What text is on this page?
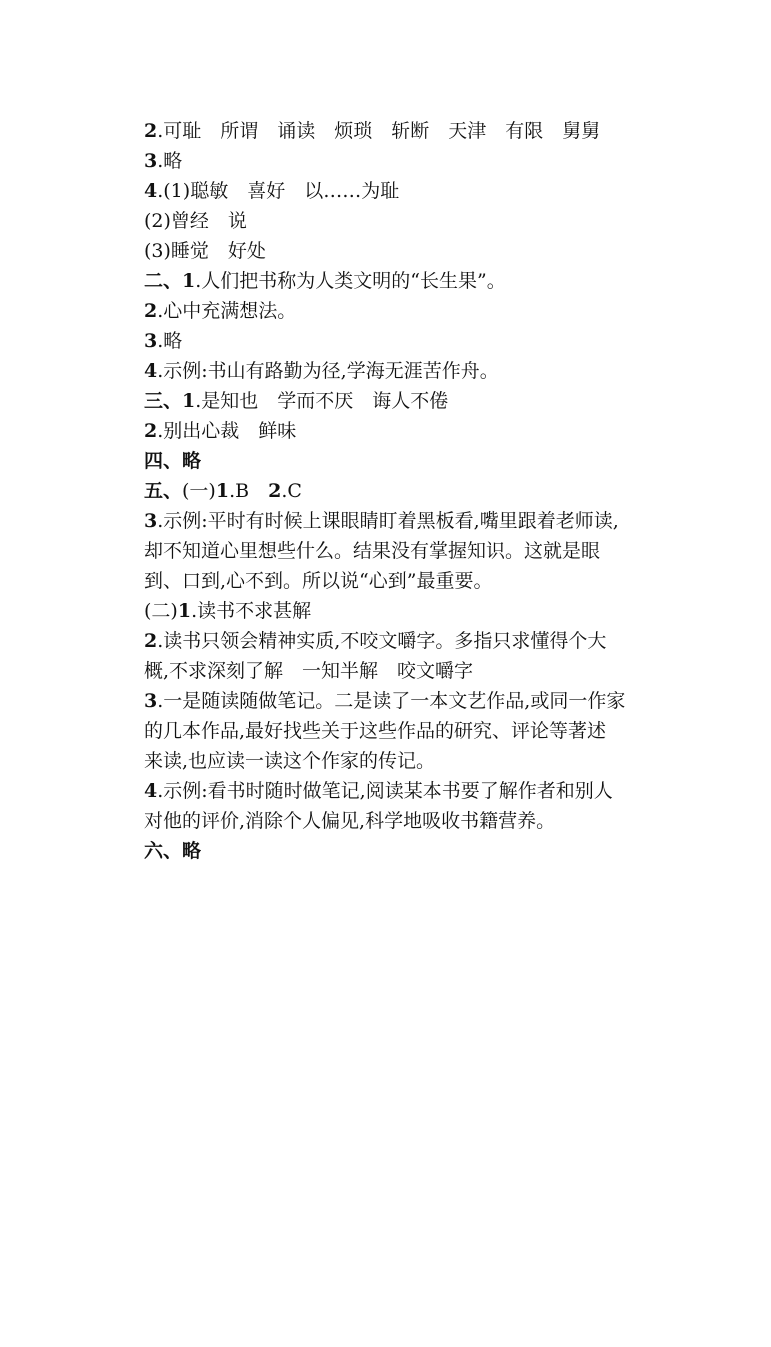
2.可耻　所谓　诵读　烦琐　斩断　天津　有限　舅舅
3.略
4.(1)聪敏　喜好　以……为耻
(2)曾经　说
(3)睡觉　好处
二、1.人们把书称为人类文明的“长生果”。
2.心中充满想法。
3.略
4.示例:书山有路勤为径,学海无涯苦作舟。
三、1.是知也　学而不厌　诲人不倦
2.别出心裁　鲜味
四、略
五、(一)1.B　2.C
3.示例:平时有时候上课眼睛盯着黑板看,嘴里跟着老师读,
却不知道心里想些什么。结果没有掌握知识。这就是眼
到、口到,心不到。所以说“心到”最重要。
(二)1.读书不求甚解
2.读书只领会精神实质,不咬文嚼字。多指只求懂得个大
概,不求深刻了解　一知半解　咬文嚼字
3.一是随读随做笔记。二是读了一本文艺作品,或同一作家
的几本作品,最好找些关于这些作品的研究、评论等著述
来读,也应读一读这个作家的传记。
4.示例:看书时随时做笔记,阅读某本书要了解作者和别人
对他的评价,消除个人偏见,科学地吸收书籍营养。
六、略
